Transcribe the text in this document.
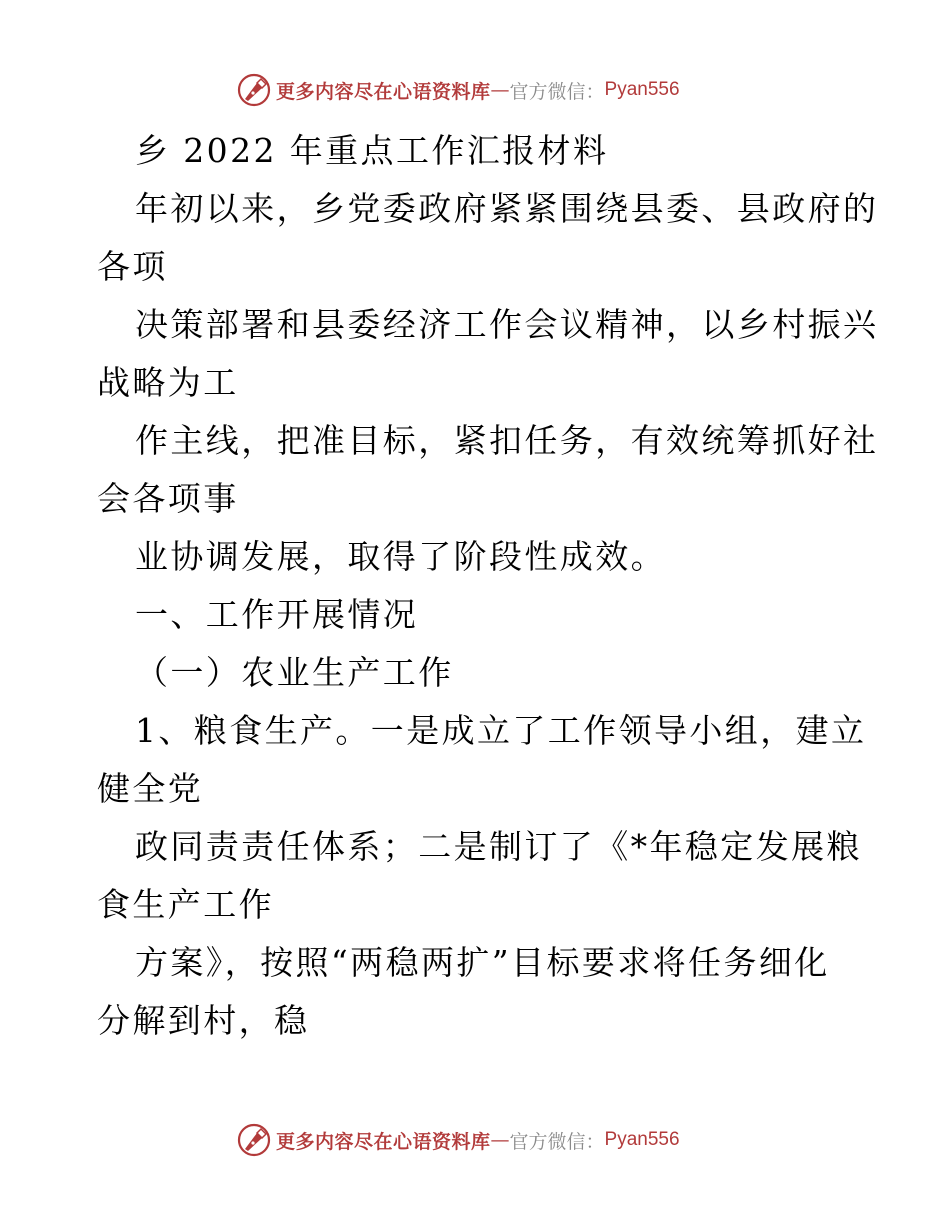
更多内容尽在心语资料库 — 官方微信： Pyan556
乡 2022 年重点工作汇报材料
年初以来，乡党委政府紧紧围绕县委、县政府的
各项
决策部署和县委经济工作会议精神，以乡村振兴
战略为工
作主线，把准目标，紧扣任务，有效统筹抓好社
会各项事
业协调发展，取得了阶段性成效。
一、工作开展情况
（一）农业生产工作
1、粮食生产。一是成立了工作领导小组，建立
健全党
政同责责任体系；二是制订了《*年稳定发展粮
食生产工作
方案》，按照“两稳两扩”目标要求将任务细化
分解到村，稳
更多内容尽在心语资料库 — 官方微信： Pyan556
